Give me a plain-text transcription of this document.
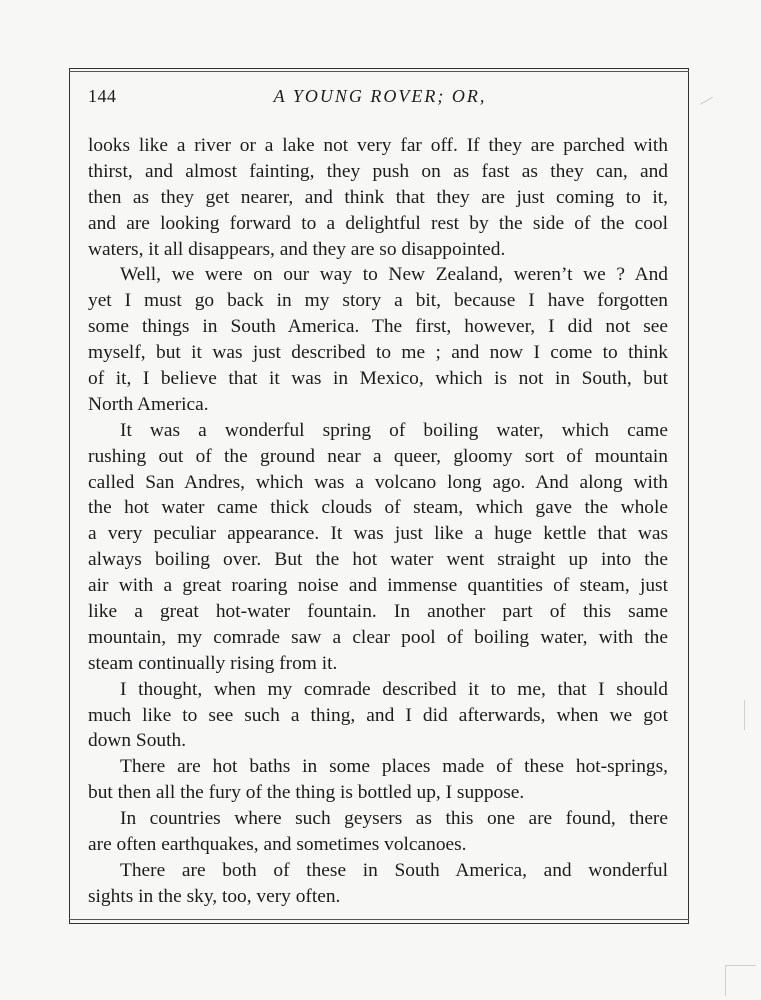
144	A YOUNG ROVER; OR,
looks like a river or a lake not very far off. If they are parched with
thirst, and almost fainting, they push on as fast as they can, and
then as they get nearer, and think that they are just coming to it,
and are looking forward to a delightful rest by the side of the cool
waters, it all disappears, and they are so disappointed.
Well, we were on our way to New Zealand, weren’t we ? And
yet I must go back in my story a bit, because I have forgotten
some things in South America. The first, however, I did not see
myself, but it was just described to me ; and now I come to think
of it, I believe that it was in Mexico, which is not in South, but
North America.
It was a wonderful spring of boiling water, which came
rushing out of the ground near a queer, gloomy sort of mountain
called San Andres, which was a volcano long ago. And along with
the hot water came thick clouds of steam, which gave the whole
a very peculiar appearance. It was just like a huge kettle that was
always boiling over. But the hot water went straight up into the
air with a great roaring noise and immense quantities of steam, just
like a great hot-water fountain. In another part of this same
mountain, my comrade saw a clear pool of boiling water, with the
steam continually rising from it.
I thought, when my comrade described it to me, that I should
much like to see such a thing, and I did afterwards, when we got
down South.
There are hot baths in some places made of these hot-springs,
but then all the fury of the thing is bottled up, I suppose.
In countries where such geysers as this one are found, there
are often earthquakes, and sometimes volcanoes.
There are both of these in South America, and wonderful
sights in the sky, too, very often.
